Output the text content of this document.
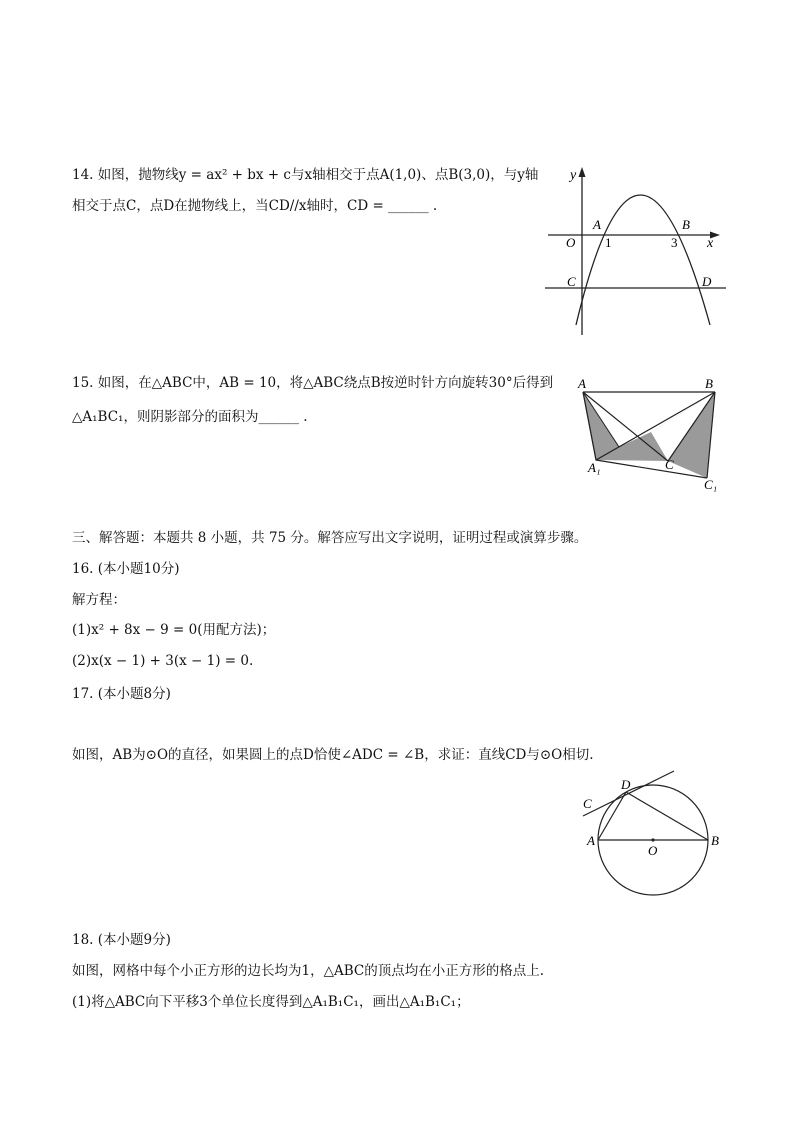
14. 如图，抛物线y = ax² + bx + c与x轴相交于点A(1,0)、点B(3,0)，与y轴
相交于点C，点D在抛物线上，当CD//x轴时，CD = ______ .
y
x
O
A	B
1	3
C	D
15. 如图，在△ABC中，AB = 10，将△ABC绕点B按逆时针方向旋转30°后得到
△A₁BC₁，则阴影部分的面积为______ .
A	B
A₁	C
C₁
三、解答题：本题共 8 小题，共 75 分。解答应写出文字说明，证明过程或演算步骤。
16. (本小题10分)
解方程：
(1)x² + 8x − 9 = 0(用配方法)；
(2)x(x − 1) + 3(x − 1) = 0.
17. (本小题8分)
如图，AB为⊙O的直径，如果圆上的点D恰使∠ADC = ∠B，求证：直线CD与⊙O相切.
C
D
A
O
B
18. (本小题9分)
如图，网格中每个小正方形的边长均为1，△ABC的顶点均在小正方形的格点上.
(1)将△ABC向下平移3个单位长度得到△A₁B₁C₁，画出△A₁B₁C₁；
